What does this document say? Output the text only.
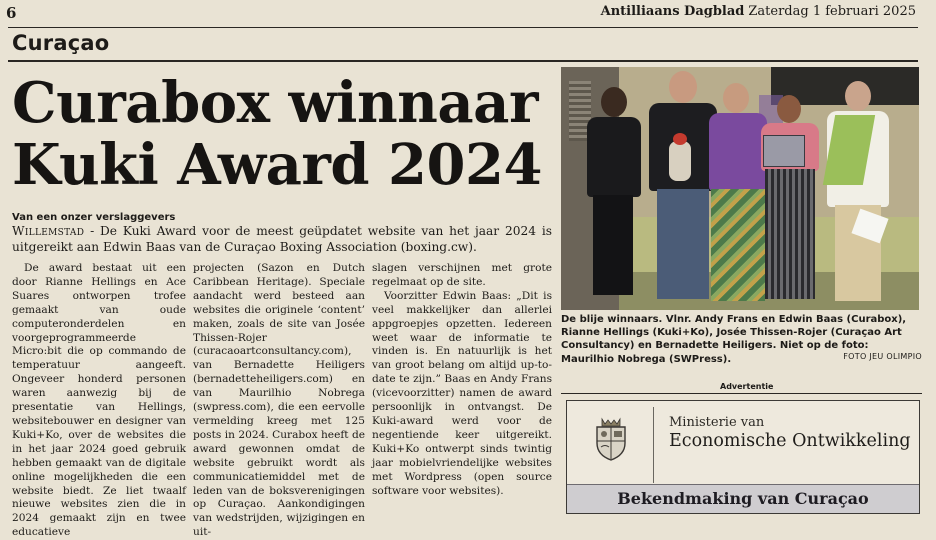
6	Antilliaans Dagblad Zaterdag 1 februari 2025
Curaçao
Curabox winnaar
Kuki Award 2024
Van een onzer verslaggevers
Willemstad - De Kuki Award voor de meest geüpdatet website van het jaar 2024 is uitgereikt aan Edwin Baas van de Curaçao Boxing Association (boxing.cw).

De award bestaat uit een door Rianne Hellings en Ace Suares ontworpen trofee gemaakt van oude computeronderdelen en voorgeprogrammeerde Micro:bit die op commando de temperatuur aangeeft. Ongeveer honderd personen waren aanwezig bij de presentatie van Hellings, websitebouwer en designer van Kuki+Ko, over de websites die in het jaar 2024 goed gebruik hebben gemaakt van de digitale online mogelijkheden die een website biedt. Ze liet twaalf nieuwe websites zien die in 2024 gemaakt zijn en twee educatieve

projecten (Sazon en Dutch Caribbean Heritage). Speciale aandacht werd besteed aan websites die originele ‘content’ maken, zoals de site van Josée Thissen-Rojer (curacaoartconsultancy.com), van Bernadette Heiligers (bernadetteheiligers.com) en van Maurilhio Nobrega (swpress.com), die een eervolle vermelding kreeg met 125 posts in 2024. Curabox heeft de award gewonnen omdat de website gebruikt wordt als communicatiemiddel met de leden van de boksverenigingen op Curaçao. Aankondigingen van wedstrijden, wijzigingen en uit-

slagen verschijnen met grote regelmaat op de site.

Voorzitter Edwin Baas: „Dit is veel makkelijker dan allerlei appgroepjes opzetten. Iedereen weet waar de informatie te vinden is. En natuurlijk is het van groot belang om altijd up-to-date te zijn.” Baas en Andy Frans (vicevoorzitter) namen de award persoonlijk in ontvangst. De Kuki-award werd voor de negentiende keer uitgereikt. Kuki+Ko ontwerpt sinds twintig jaar mobielvriendelijke websites met Wordpress (open source software voor websites).

De blije winnaars. Vlnr. Andy Frans en Edwin Baas (Curabox), Rianne Hellings (Kuki+Ko), Josée Thissen-Rojer (Curaçao Art Consultancy) en Bernadette Heiligers. Niet op de foto: Maurilhio Nobrega (SWPress).	FOTO JEU OLIMPIO
Advertentie
Ministerie van
Economische Ontwikkeling
Bekendmaking van Curaçao
